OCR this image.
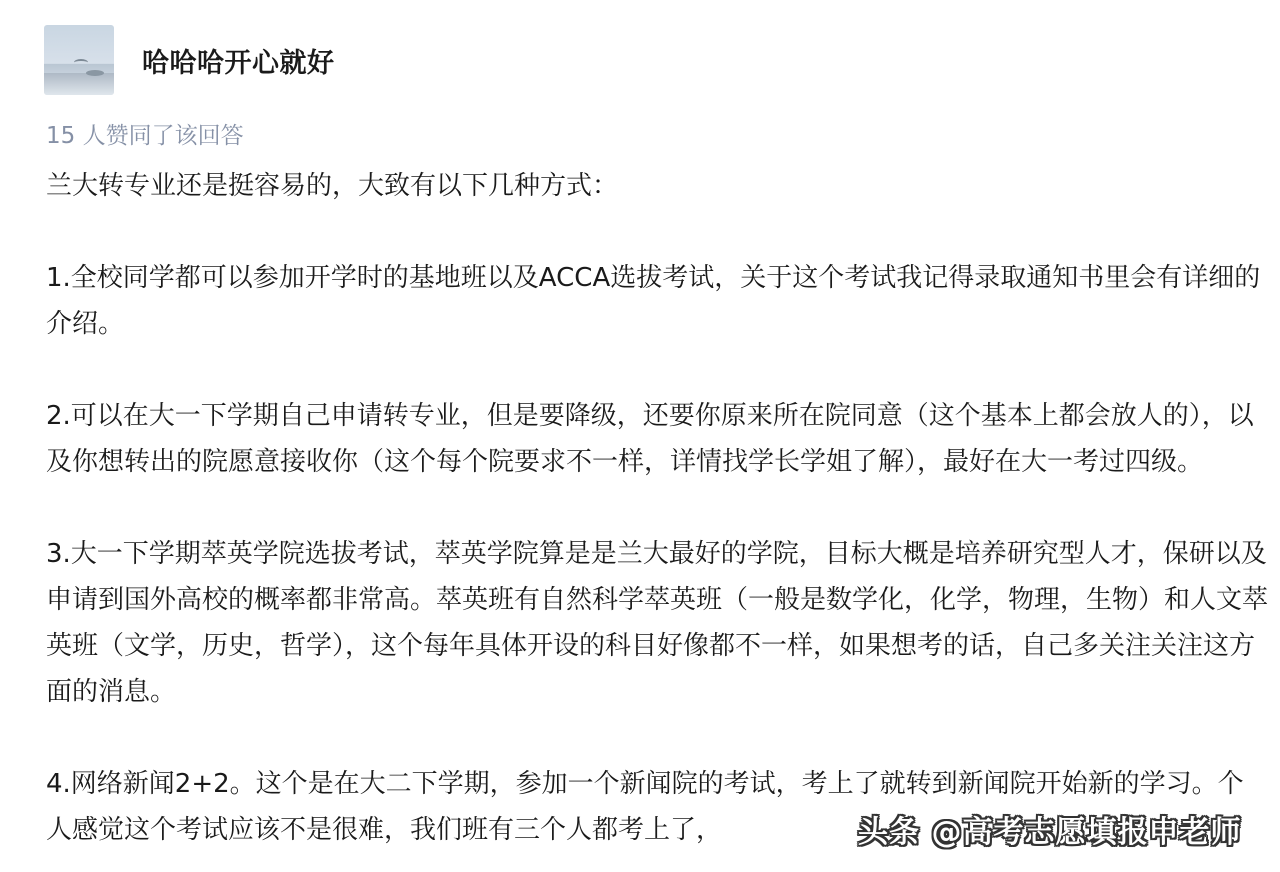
哈哈哈开心就好
15 人赞同了该回答

兰大转专业还是挺容易的，大致有以下几种方式：

1.全校同学都可以参加开学时的基地班以及ACCA选拔考试，关于这个考试我记得录取通知书里会有详细的介绍。

2.可以在大一下学期自己申请转专业，但是要降级，还要你原来所在院同意（这个基本上都会放人的），以及你想转出的院愿意接收你（这个每个院要求不一样，详情找学长学姐了解），最好在大一考过四级。

3.大一下学期萃英学院选拔考试，萃英学院算是是兰大最好的学院，目标大概是培养研究型人才，保研以及申请到国外高校的概率都非常高。萃英班有自然科学萃英班（一般是数学化，化学，物理，生物）和人文萃英班（文学，历史，哲学），这个每年具体开设的科目好像都不一样，如果想考的话，自己多关注关注这方面的消息。

4.网络新闻2+2。这个是在大二下学期，参加一个新闻院的考试，考上了就转到新闻院开始新的学习。个人感觉这个考试应该不是很难，我们班有三个人都考上了，	头条 @高考志愿填报申老师
